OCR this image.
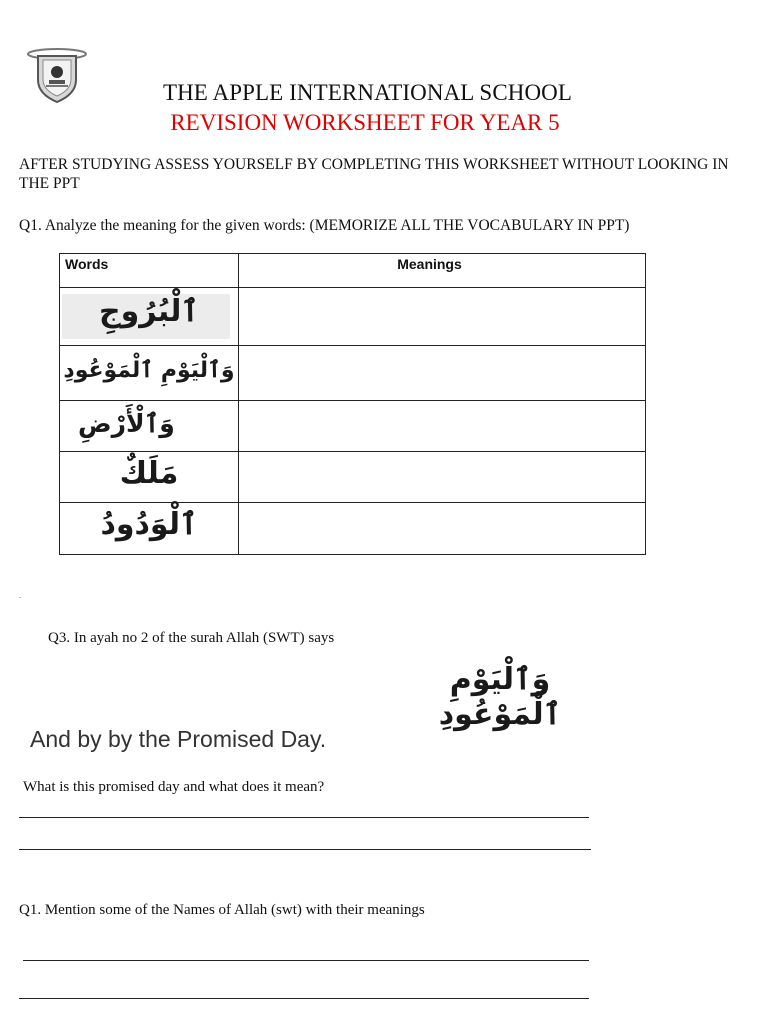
THE APPLE INTERNATIONAL SCHOOL
REVISION WORKSHEET FOR YEAR 5
AFTER STUDYING ASSESS YOURSELF BY COMPLETING THIS WORKSHEET WITHOUT LOOKING IN THE PPT
Q1. Analyze the meaning for the given words: (MEMORIZE ALL THE VOCABULARY IN PPT)
Words	Meanings

ٱلْبُرُوجِ	

وَٱلْيَوْمِ ٱلْمَوْعُودِ	

وَٱلْأَرْضِ	

مَلَكٌ	

ٱلْوَدُودُ	

.
Q3. In ayah no 2 of the surah Allah (SWT) says
وَٱلْيَوْمِ ٱلْمَوْعُودِ
And by by the Promised Day.
What is this promised day and what does it mean?
Q1. Mention some of the Names of Allah (swt) with their meanings
